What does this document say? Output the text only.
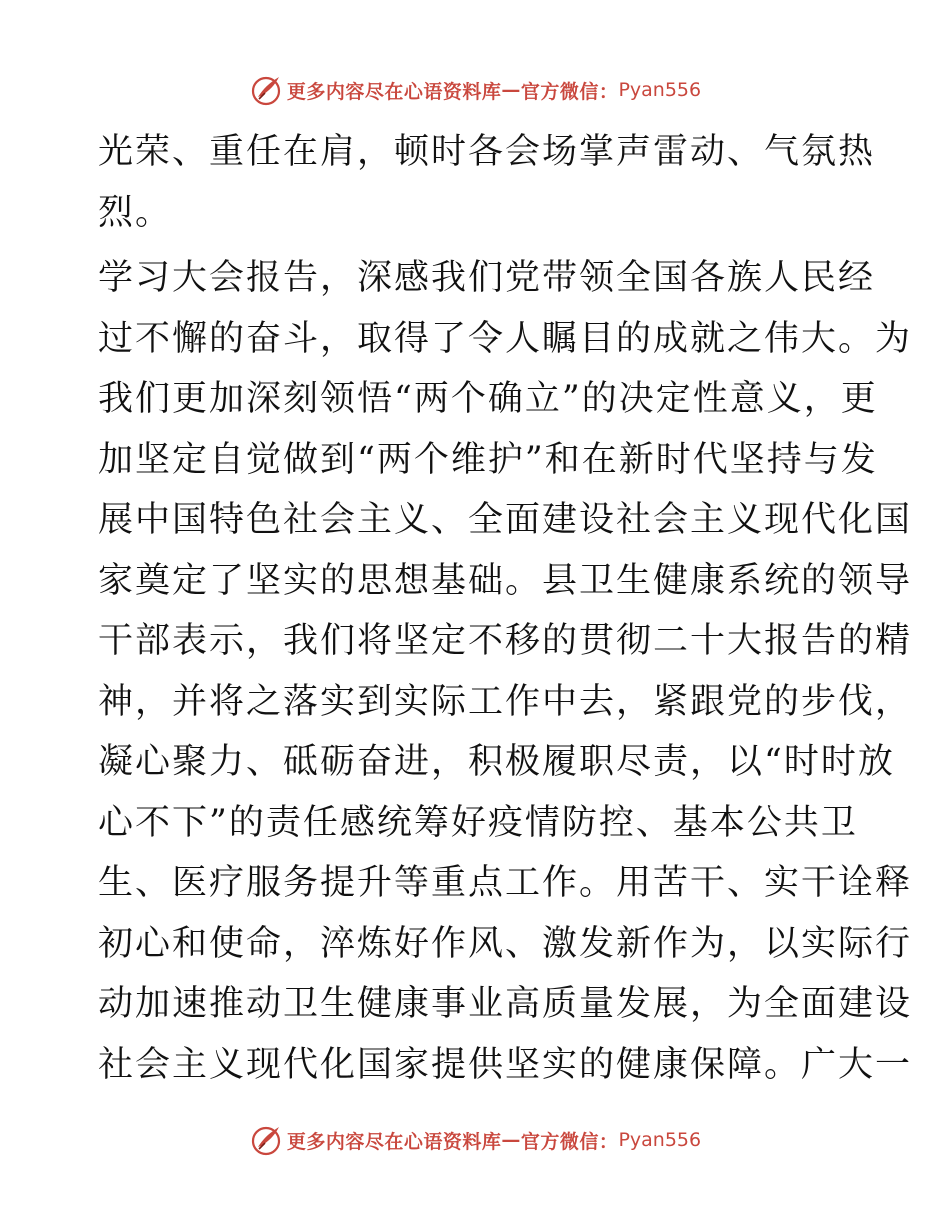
更多内容尽在心语资料库 — 官方微信： Pyan556
光荣、重任在肩，顿时各会场掌声雷动、气氛热
烈。
学习大会报告，深感我们党带领全国各族人民经
过不懈的奋斗，取得了令人瞩目的成就之伟大。为
我们更加深刻领悟“两个确立”的决定性意义，更
加坚定自觉做到“两个维护”和在新时代坚持与发
展中国特色社会主义、全面建设社会主义现代化国
家奠定了坚实的思想基础。县卫生健康系统的领导
干部表示，我们将坚定不移的贯彻二十大报告的精
神，并将之落实到实际工作中去，紧跟党的步伐，
凝心聚力、砥砺奋进，积极履职尽责，以“时时放
心不下”的责任感统筹好疫情防控、基本公共卫
生、医疗服务提升等重点工作。用苦干、实干诠释
初心和使命，淬炼好作风、激发新作为，以实际行
动加速推动卫生健康事业高质量发展，为全面建设
社会主义现代化国家提供坚实的健康保障。广大一
更多内容尽在心语资料库 — 官方微信： Pyan556
